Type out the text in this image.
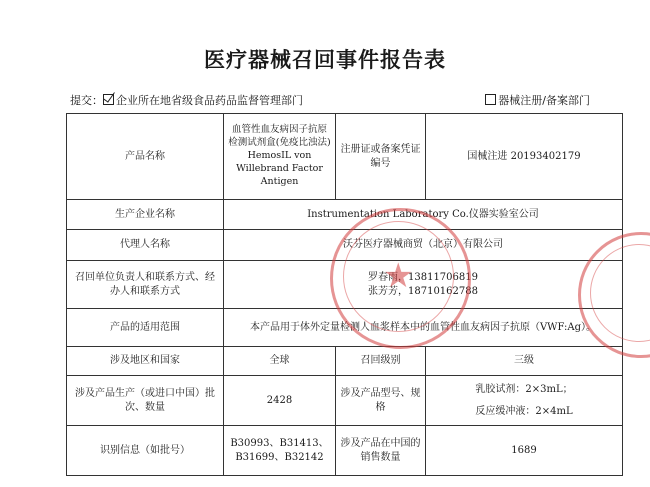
医疗器械召回事件报告表
提交： 企业所在地省级食品药品监督管理部门	器械注册/备案部门
产品名称	血管性血友病因子抗原检测试剂盒(免疫比浊法) HemosIL von Willebrand Factor Antigen	注册证或备案凭证编号	国械注进 20193402179
生产企业名称	Instrumentation Laboratory Co.仪器实验室公司		
代理人名称	沃芬医疗器械商贸（北京）有限公司		
召回单位负责人和联系方式、经办人和联系方式	罗春雨，13811706819
张芳芳，18710162788		

产品的适用范围	本产品用于体外定量检测人血浆样本中的血管性血友病因子抗原（VWF:Ag）。		
涉及地区和国家	全球	召回级别	三级
涉及产品生产（或进口中国）批次、数量	2428	涉及产品型号、规格	乳胶试剂：2×3mL；
反应缓冲液：2×4mL

识别信息（如批号）	B30993、B31413、
B31699、B32142	涉及产品在中国的销售数量	1689
★
